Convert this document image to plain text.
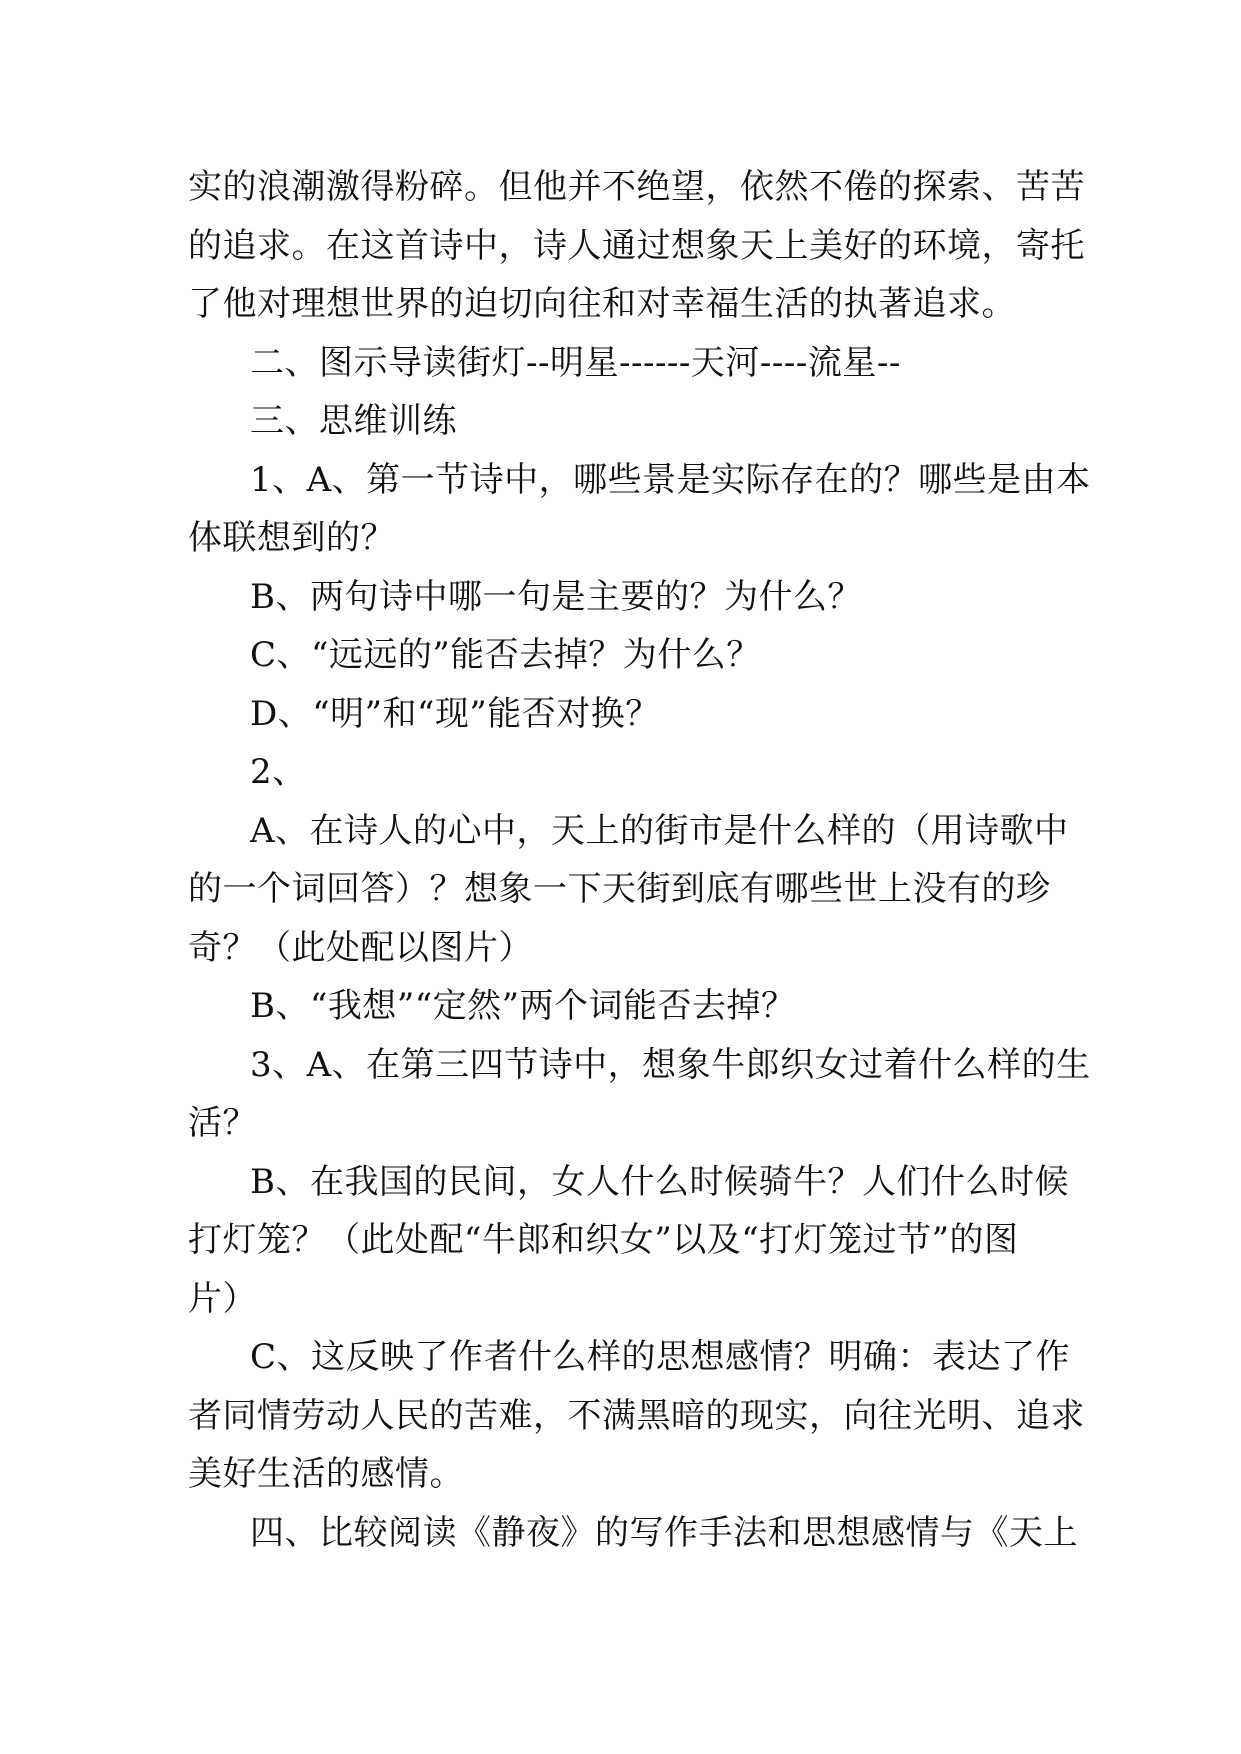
实的浪潮激得粉碎。但他并不绝望，依然不倦的探索、苦苦
的追求。在这首诗中，诗人通过想象天上美好的环境，寄托
了他对理想世界的迫切向往和对幸福生活的执著追求。
二、图示导读街灯--明星------天河----流星--
三、思维训练
1、A、第一节诗中，哪些景是实际存在的？哪些是由本
体联想到的？
B、两句诗中哪一句是主要的？为什么？
C、“远远的”能否去掉？为什么？
D、“明”和“现”能否对换？
2、
A、在诗人的心中，天上的街市是什么样的（用诗歌中
的一个词回答）？想象一下天街到底有哪些世上没有的珍
奇？（此处配以图片）
B、“我想”“定然”两个词能否去掉？
3、A、在第三四节诗中，想象牛郎织女过着什么样的生
活？
B、在我国的民间，女人什么时候骑牛？人们什么时候
打灯笼？（此处配“牛郎和织女”以及“打灯笼过节”的图
片）
C、这反映了作者什么样的思想感情？明确：表达了作
者同情劳动人民的苦难，不满黑暗的现实，向往光明、追求
美好生活的感情。
四、比较阅读《静夜》的写作手法和思想感情与《天上
